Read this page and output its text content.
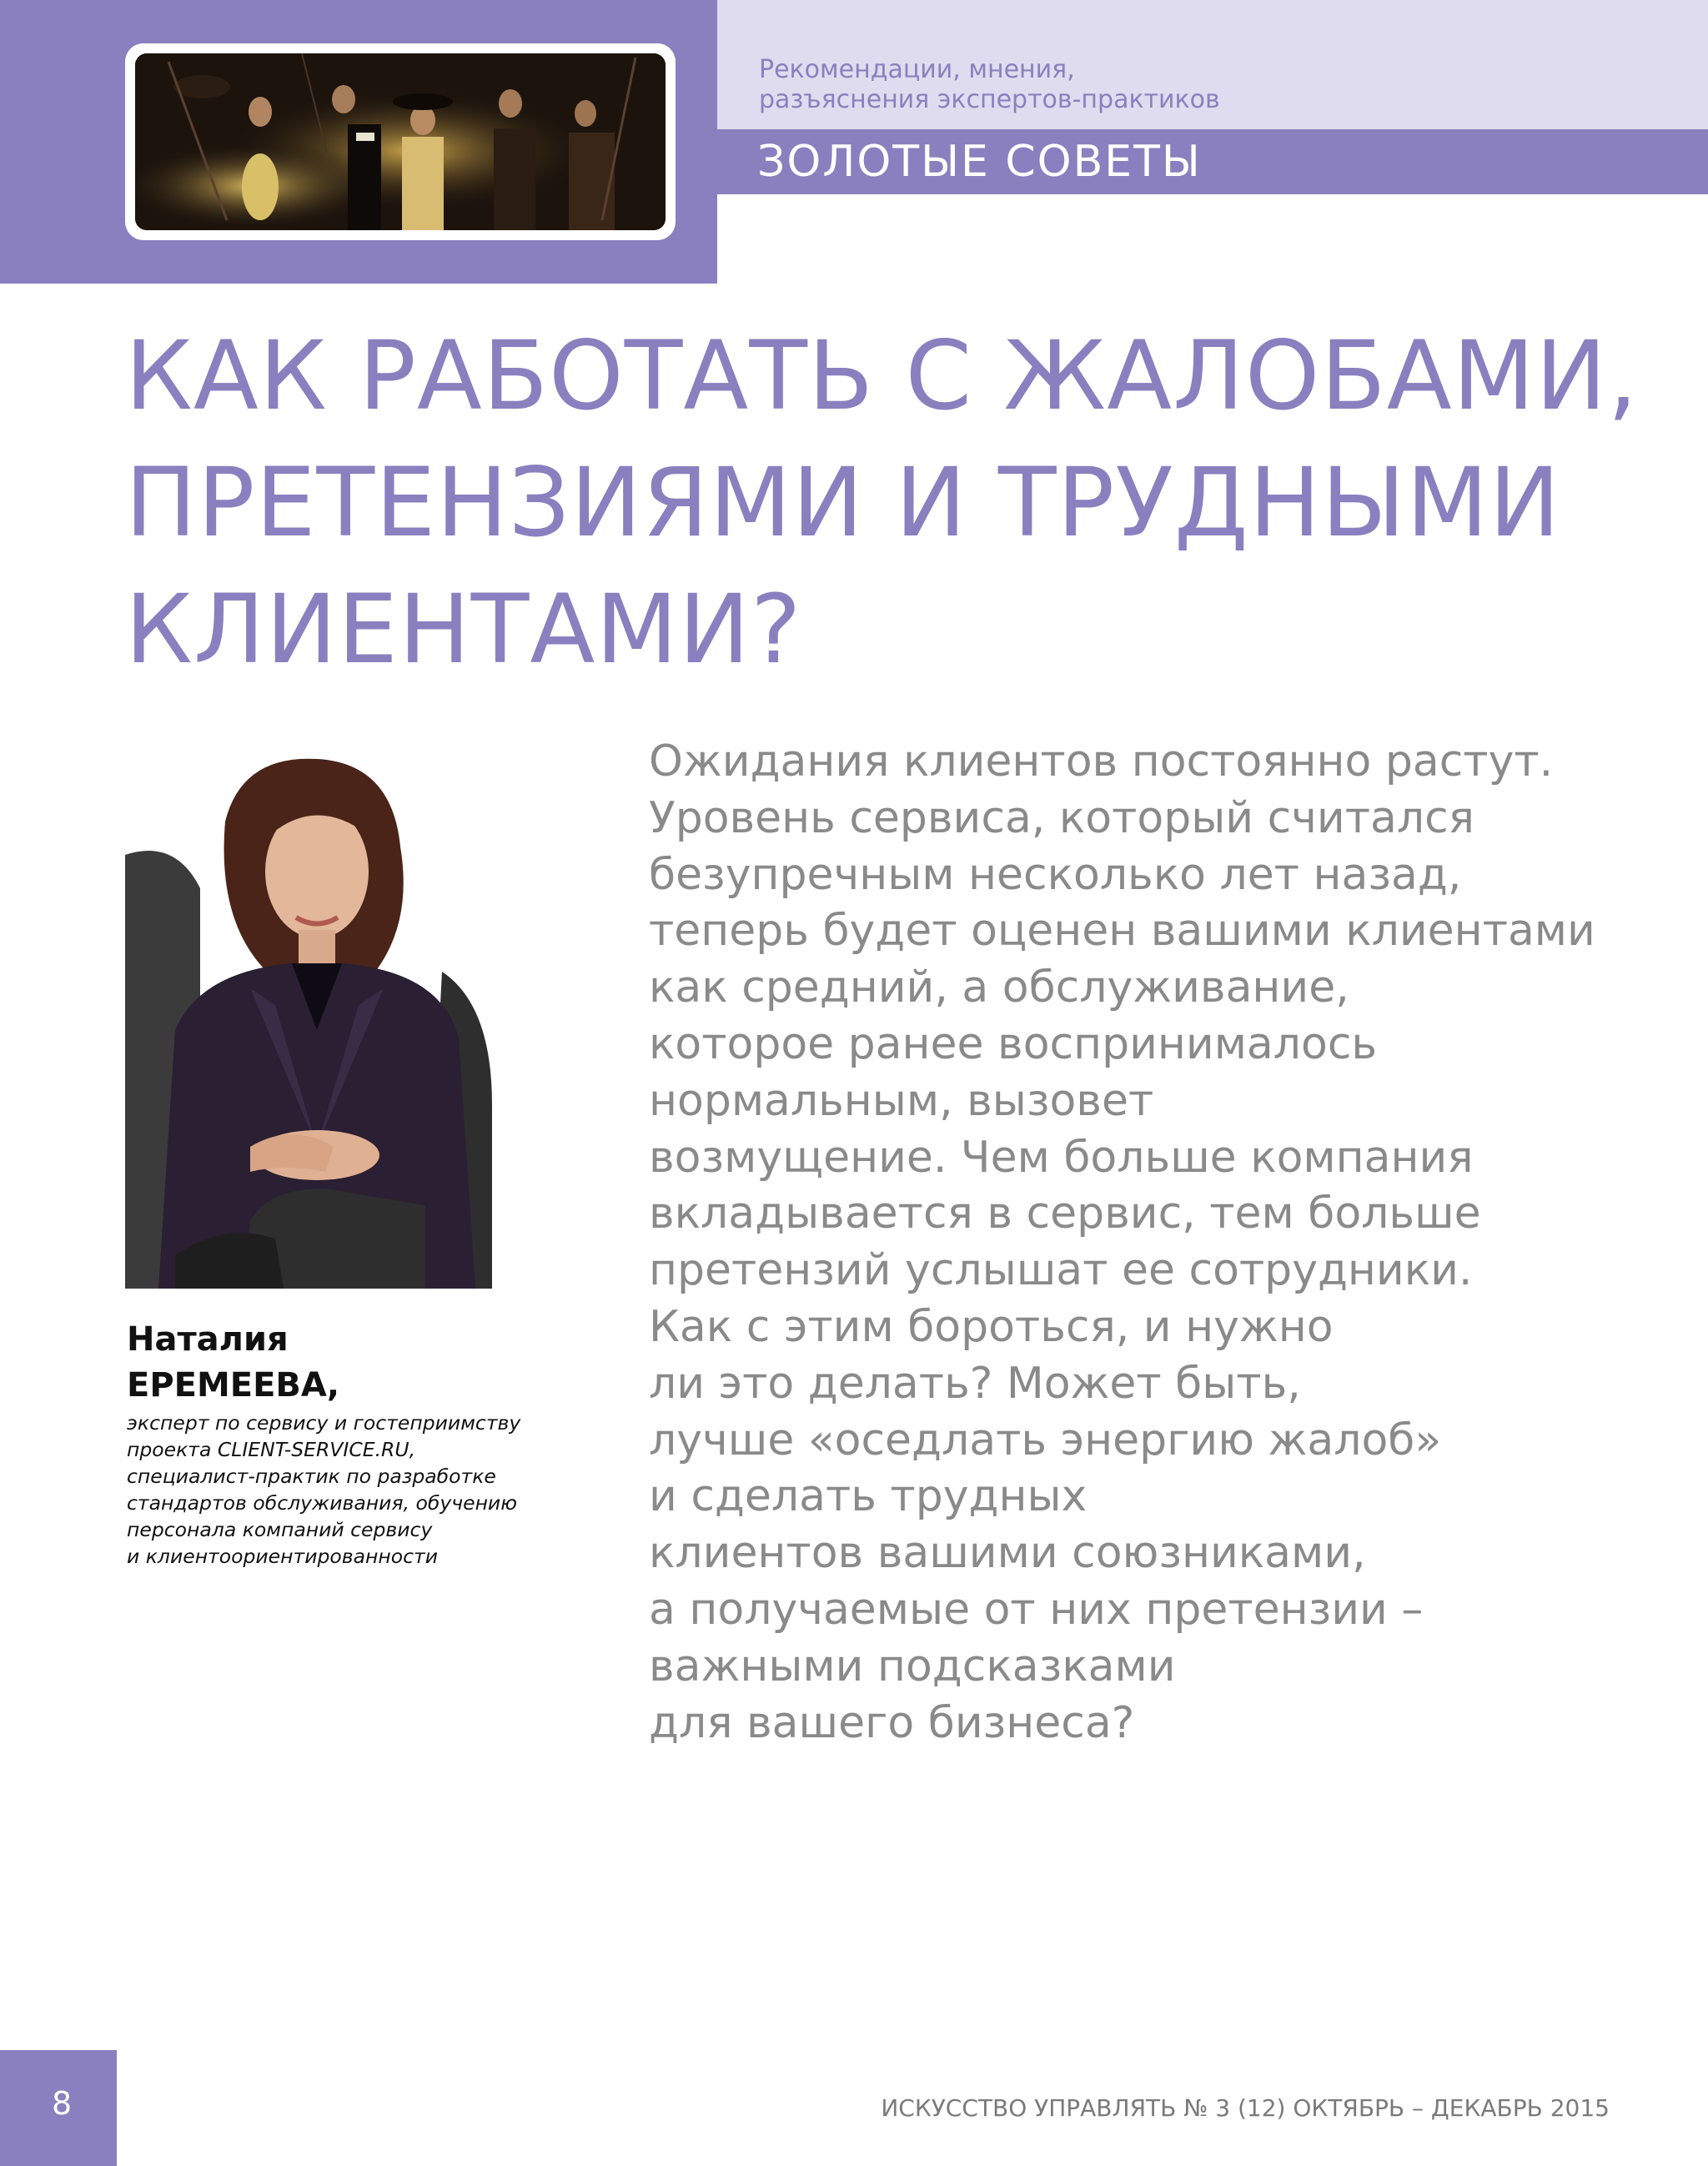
Рекомендации, мнения,
разъяснения экспертов-практиков
ЗОЛОТЫЕ СОВЕТЫ
КАК РАБОТАТЬ С ЖАЛОБАМИ,
ПРЕТЕНЗИЯМИ И ТРУДНЫМИ
КЛИЕНТАМИ?
Наталия
ЕРЕМЕЕВА,
эксперт по сервису и гостеприимству
проекта CLIENT-SERVICE.RU,
специалист-практик по разработке
стандартов обслуживания, обучению
персонала компаний сервису
и клиентоориентированности
Ожидания клиентов постоянно растут.
Уровень сервиса, который считался
безупречным несколько лет назад,
теперь будет оценен вашими клиентами
как средний, а обслуживание,
которое ранее воспринималось
нормальным, вызовет
возмущение. Чем больше компания
вкладывается в сервис, тем больше
претензий услышат ее сотрудники.
Как с этим бороться, и нужно
ли это делать? Может быть,
лучше «оседлать энергию жалоб»
и сделать трудных
клиентов вашими союзниками,
а получаемые от них претензии –
важными подсказками
для вашего бизнеса?
8	ИСКУССТВО УПРАВЛЯТЬ № 3 (12) ОКТЯБРЬ – ДЕКАБРЬ 2015
